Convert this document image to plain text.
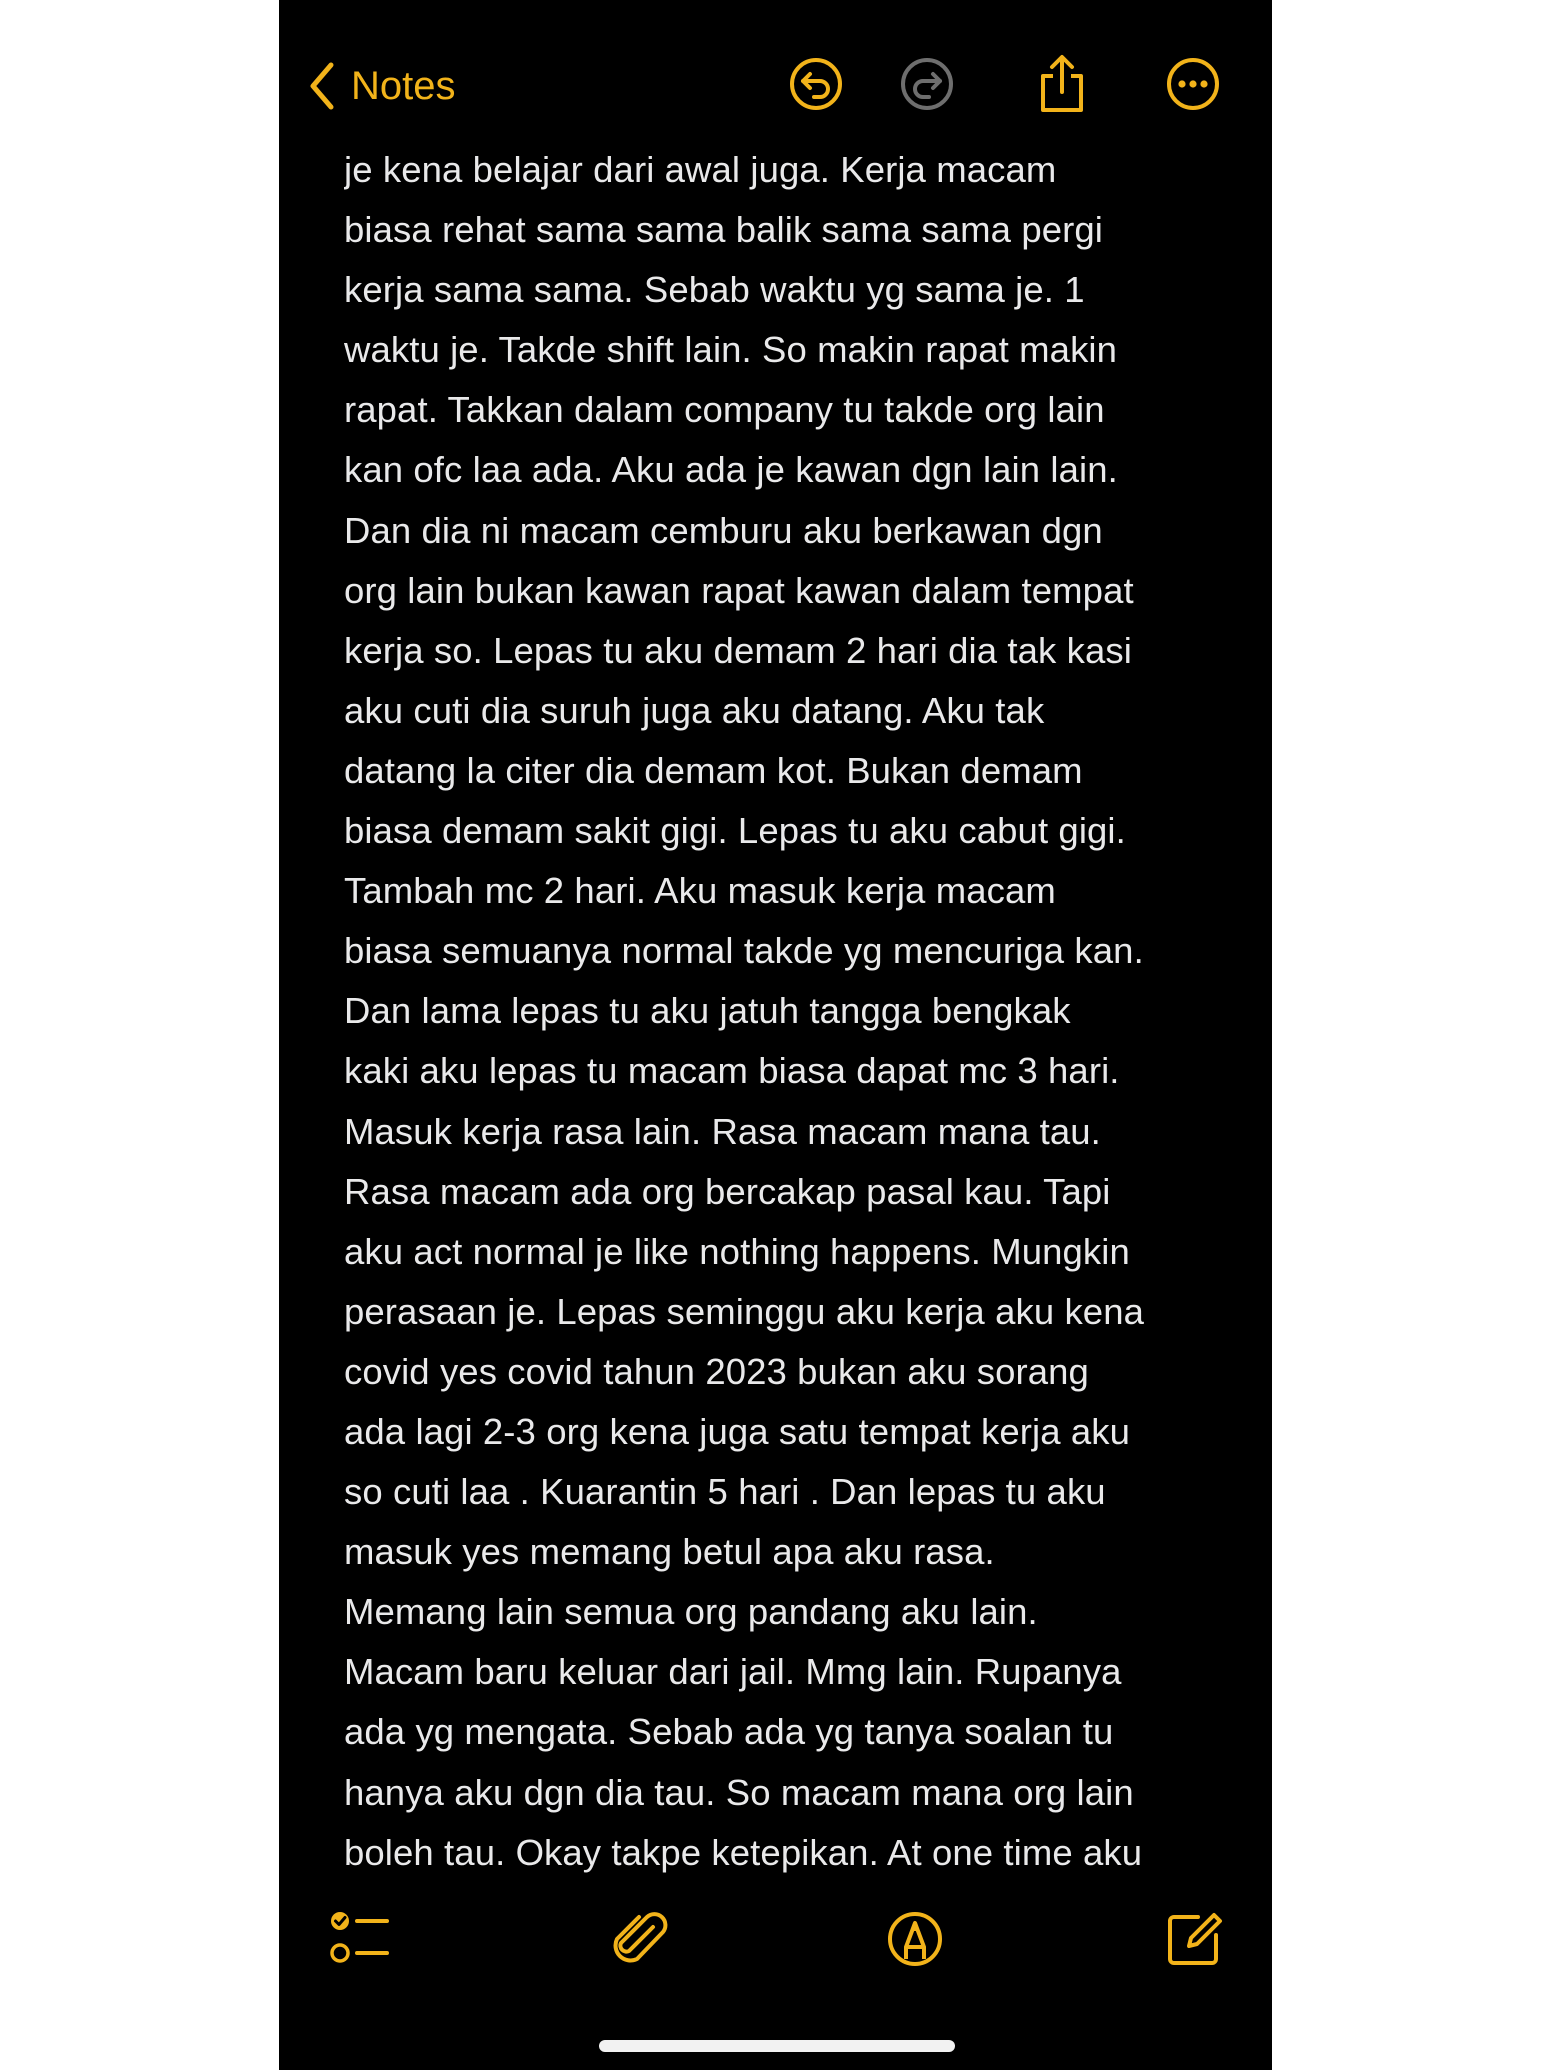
Notes
je kena belajar dari awal juga. Kerja macam
biasa rehat sama sama balik sama sama pergi
kerja sama sama. Sebab waktu yg sama je. 1
waktu je. Takde shift lain. So makin rapat makin
rapat. Takkan dalam company tu takde org lain
kan ofc laa ada. Aku ada je kawan dgn lain lain.
Dan dia ni macam cemburu aku berkawan dgn
org lain bukan kawan rapat kawan dalam tempat
kerja so. Lepas tu aku demam 2 hari dia tak kasi
aku cuti dia suruh juga aku datang. Aku tak
datang la citer dia demam kot. Bukan demam
biasa demam sakit gigi. Lepas tu aku cabut gigi.
Tambah mc 2 hari. Aku masuk kerja macam
biasa semuanya normal takde yg mencuriga kan.
Dan lama lepas tu aku jatuh tangga bengkak
kaki aku lepas tu macam biasa dapat mc 3 hari.
Masuk kerja rasa lain. Rasa macam mana tau.
Rasa macam ada org bercakap pasal kau. Tapi
aku act normal je like nothing happens. Mungkin
perasaan je. Lepas seminggu aku kerja aku kena
covid yes covid tahun 2023 bukan aku sorang
ada lagi 2-3 org kena juga satu tempat kerja aku
so cuti laa . Kuarantin 5 hari . Dan lepas tu aku
masuk yes memang betul apa aku rasa.
Memang lain semua org pandang aku lain.
Macam baru keluar dari jail. Mmg lain. Rupanya
ada yg mengata. Sebab ada yg tanya soalan tu
hanya aku dgn dia tau. So macam mana org lain
boleh tau. Okay takpe ketepikan. At one time aku
